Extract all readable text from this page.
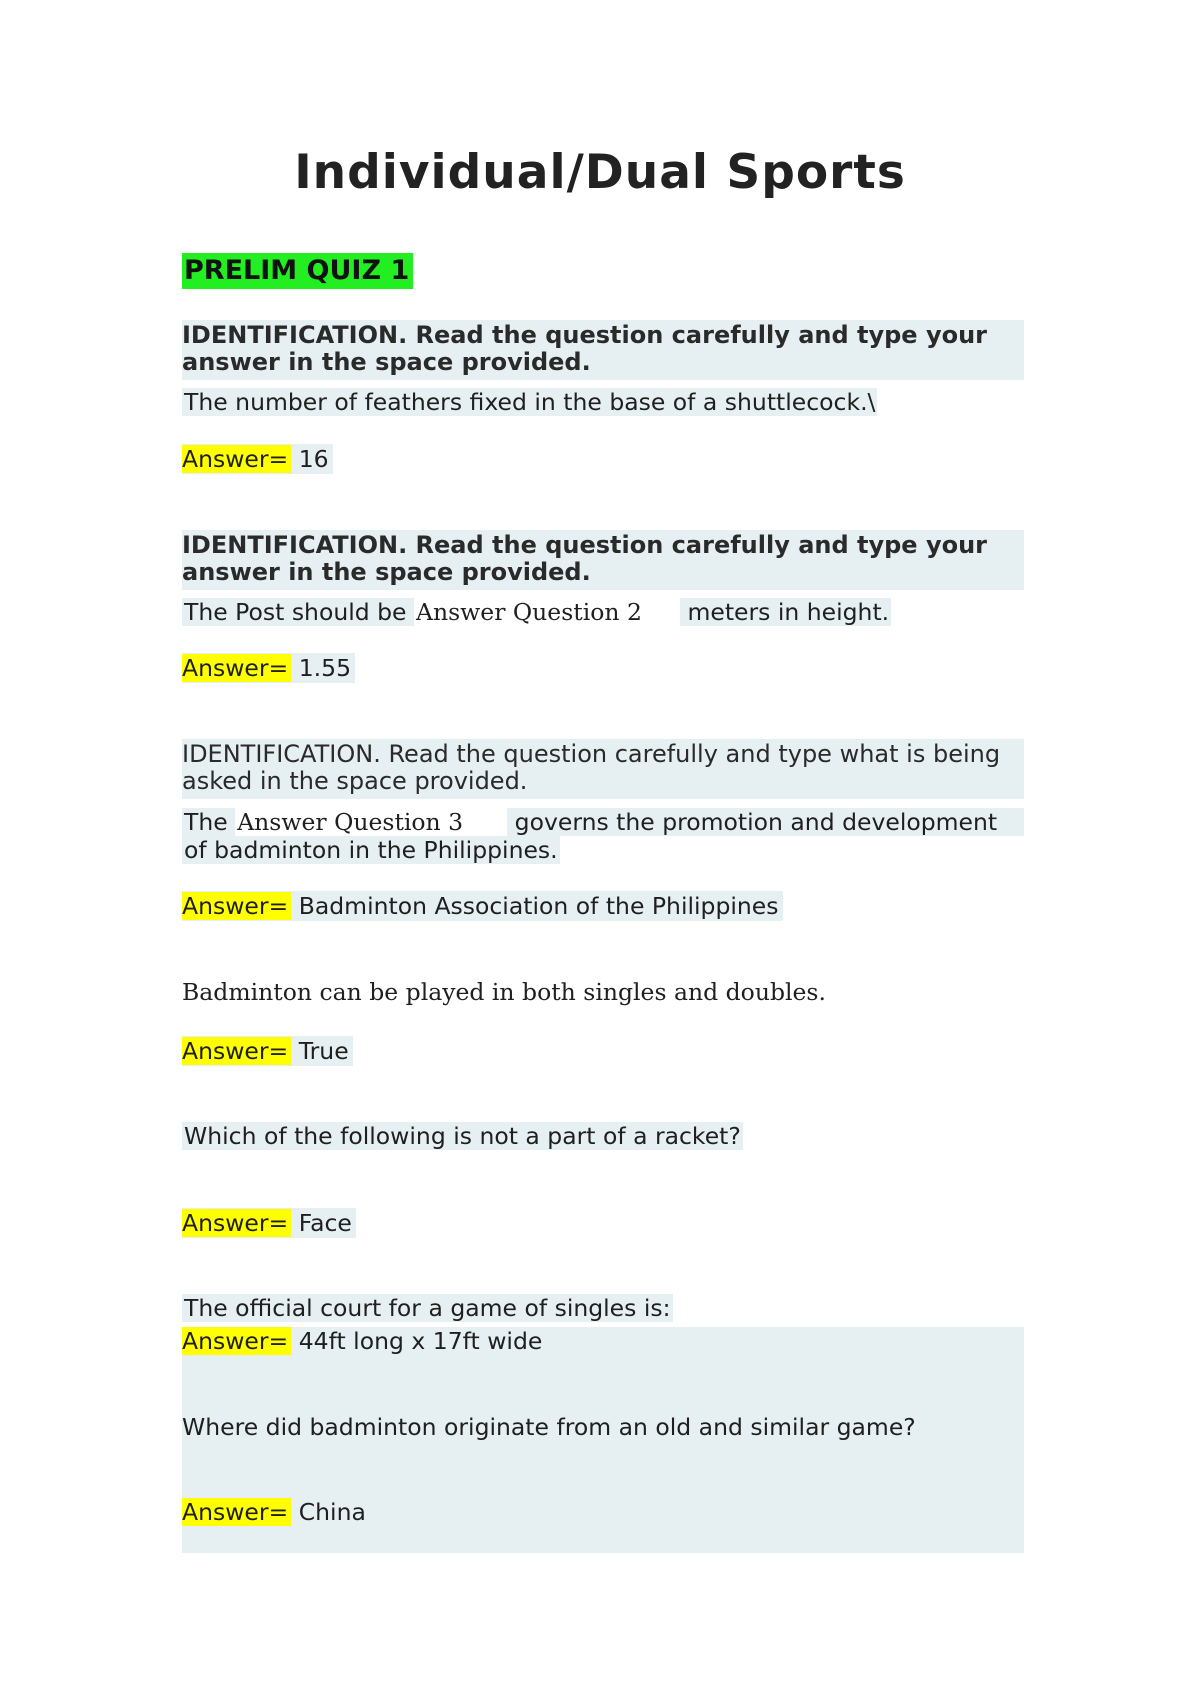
Individual/Dual Sports
PRELIM QUIZ 1
IDENTIFICATION. Read the question carefully and type your
answer in the space provided.
The number of feathers fixed in the base of a shuttlecock.\
Answer= 16
IDENTIFICATION. Read the question carefully and type your
answer in the space provided.
The Post should be Answer Question 2 meters in height.
Answer= 1.55
IDENTIFICATION. Read the question carefully and type what is being
asked in the space provided.
The Answer Question 3 governs the promotion and development
of badminton in the Philippines.
Answer= Badminton Association of the Philippines
Badminton can be played in both singles and doubles.
Answer= True
Which of the following is not a part of a racket?
Answer= Face
The official court for a game of singles is:
Answer= 44ft long x 17ft wide
Where did badminton originate from an old and similar game?
Answer= China
